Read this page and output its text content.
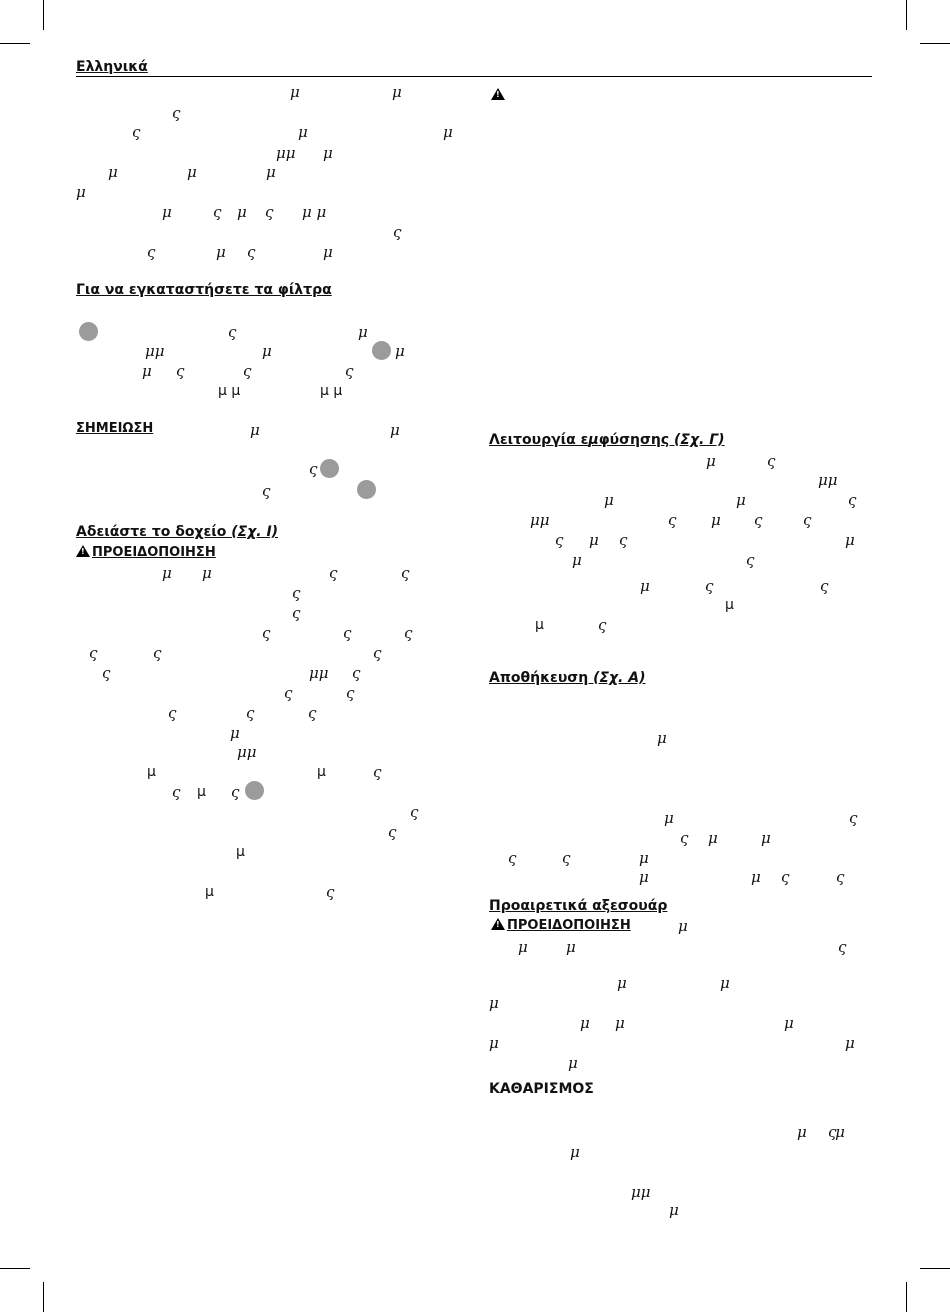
Ελληνικά
μ	μ
ς
ς	μ	μ
μμ μ
μ	μ	μ
μ
μ	ς μ ς μ μ
ς
ς	μ ς	μ
Για να εγκαταστήσετε τα φίλτρα
ς	μ
μμ	μ	μ
μ ς	ς	ς
μ μ	μ μ
ΣΗΜΕΙΩΣΗ	μ	μ
ς
ς
Αδειάστε το δοχείο (Σχ. I)
!ΠΡΟΕΙΔΟΠΟΙΗΣΗ
μ μ	ς	ς
ς
ς
ς	ς	ς
ς	ς	ς
ς	μμ ς
ς	ς
ς	ς	ς
μ
μμ
μ	μ	ς
ς μ ς
ς
ς
μ
μ	ς
!
Λειτουργία εμφύσησης (Σχ. Γ)
μ	ς
μμ
μ	μ	ς
μμ	ς μ ς	ς
ς μ ς	μ
μ	ς
μ	ς	ς
μ
μ	ς
Αποθήκευση (Σχ. Α)
μ
μ	ς
ς μ	μ
ς	ς	μ
μ	μ ς	ς
Προαιρετικά αξεσουάρ
!ΠΡΟΕΙΔΟΠΟΙΗΣΗ	μ
μ	μ	ς
μ	μ
μ
μ μ	μ
μ	μ
μ
ΚΑΘΑΡΙΣΜΟΣ
μ ς μ
μ
μμ
μ
